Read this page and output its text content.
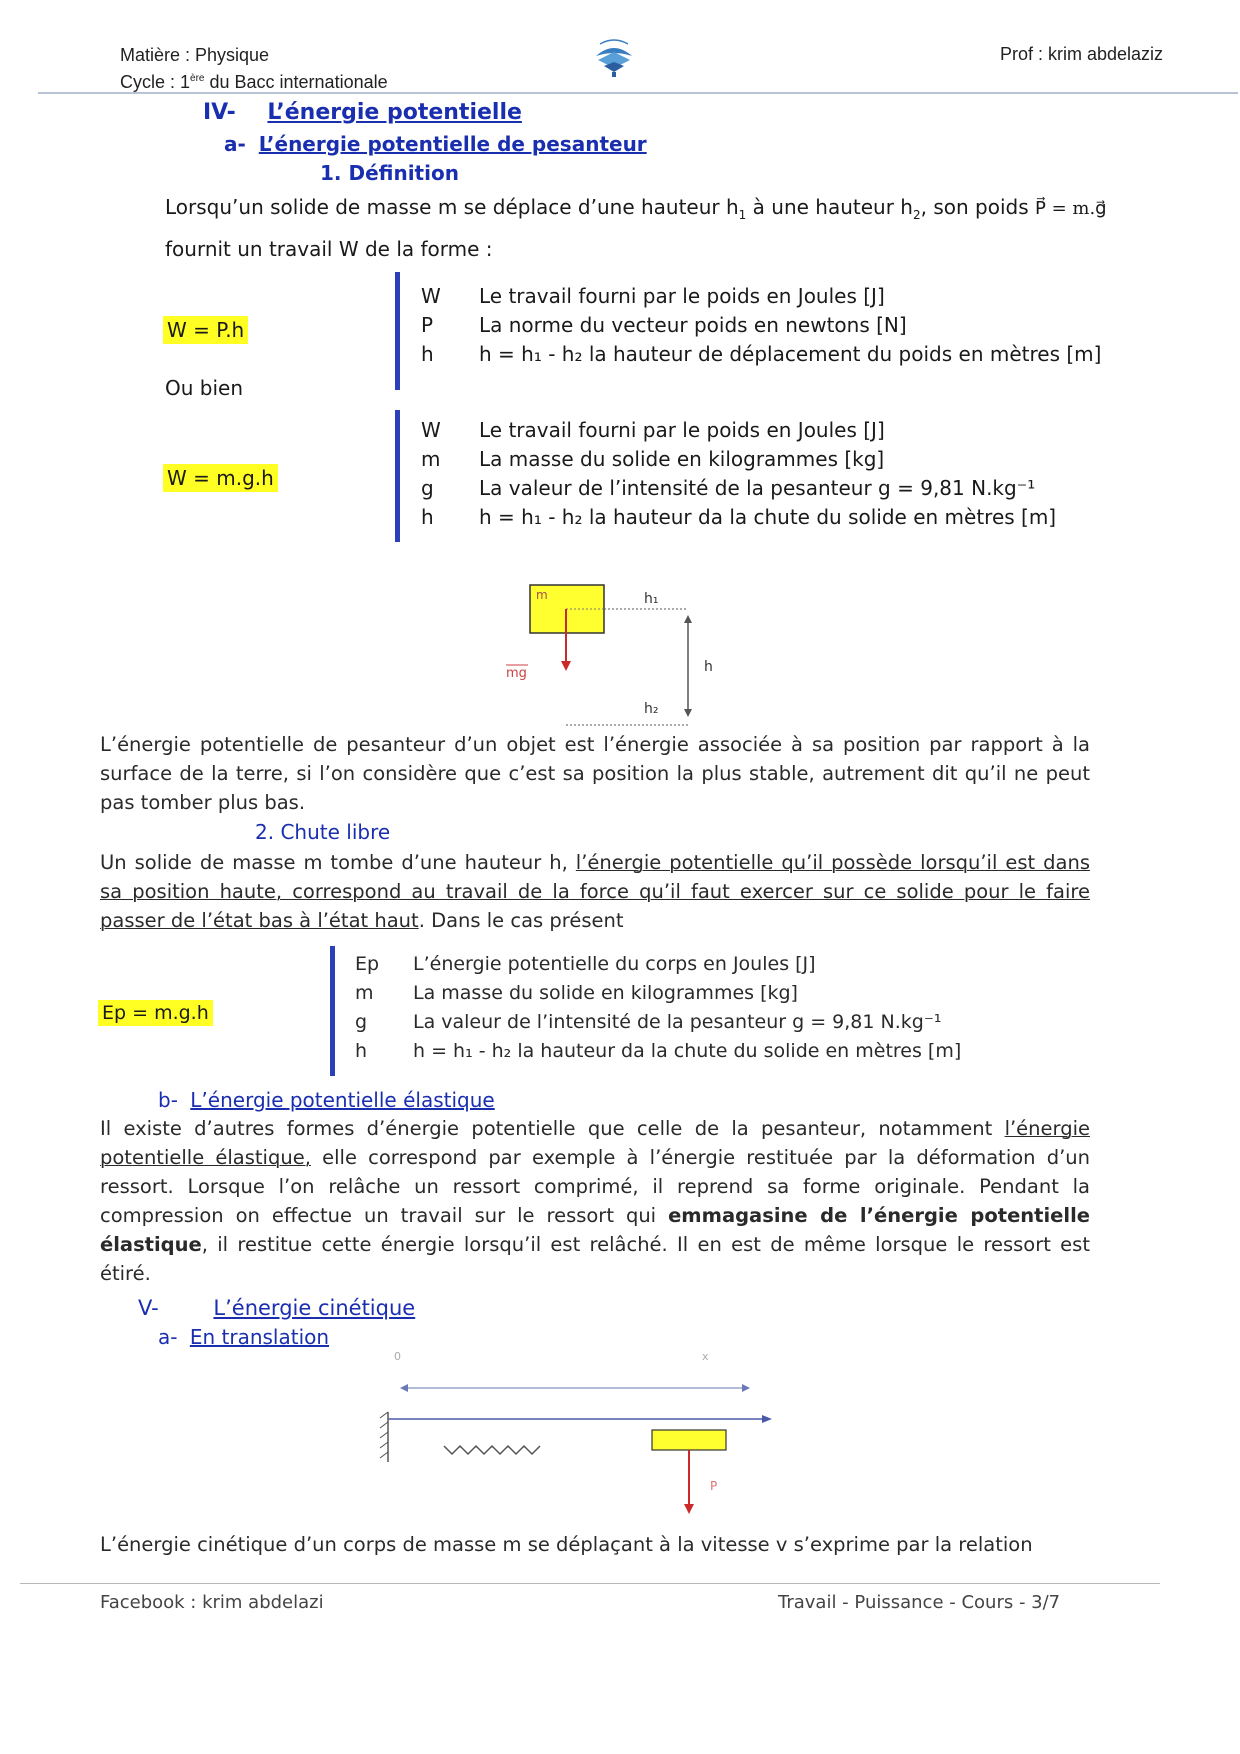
Matière : Physique
Cycle : 1ère du Bacc internationale
Prof : krim abdelaziz
IV- L’énergie potentielle
a- L’énergie potentielle de pesanteur
1. Définition
Lorsqu’un solide de masse m se déplace d’une hauteur $h_1$ à une hauteur $h_2$, son poids P⃗ = m.g⃗
fournit un travail W de la forme :
W = P.h
W Le travail fourni par le poids en Joules [J]
P La norme du vecteur poids en newtons [N]
h h = h₁ - h₂ la hauteur de déplacement du poids en mètres [m]
Ou bien
W = m.g.h
W Le travail fourni par le poids en Joules [J]
m La masse du solide en kilogrammes [kg]
g La valeur de l’intensité de la pesanteur g = 9,81 N.kg⁻¹
h h = h₁ - h₂ la hauteur da la chute du solide en mètres [m]
m
mg
h₁
h
h₂
L’énergie potentielle de pesanteur d’un objet est l’énergie associée à sa position par rapport à la surface de la terre, si l’on considère que c’est sa position la plus stable, autrement dit qu’il ne peut pas tomber plus bas.
2. Chute libre
Un solide de masse m tombe d’une hauteur h, l’énergie potentielle qu’il possède lorsqu’il est dans sa position haute, correspond au travail de la force qu’il faut exercer sur ce solide pour le faire passer de l’état bas à l’état haut. Dans le cas présent
Ep = m.g.h
Ep L’énergie potentielle du corps en Joules [J]
m La masse du solide en kilogrammes [kg]
g La valeur de l’intensité de la pesanteur g = 9,81 N.kg⁻¹
h h = h₁ - h₂ la hauteur da la chute du solide en mètres [m]
b- L’énergie potentielle élastique
Il existe d’autres formes d’énergie potentielle que celle de la pesanteur, notamment l’énergie potentielle élastique, elle correspond par exemple à l’énergie restituée par la déformation d’un ressort. Lorsque l’on relâche un ressort comprimé, il reprend sa forme originale. Pendant la compression on effectue un travail sur le ressort qui emmagasine de l’énergie potentielle élastique, il restitue cette énergie lorsqu’il est relâché. Il en est de même lorsque le ressort est étiré.
V-	L’énergie cinétique
a- En translation
0	x
P
L’énergie cinétique d’un corps de masse m se déplaçant à la vitesse v s’exprime par la relation
Facebook : krim abdelazi	Travail - Puissance - Cours - 3/7
